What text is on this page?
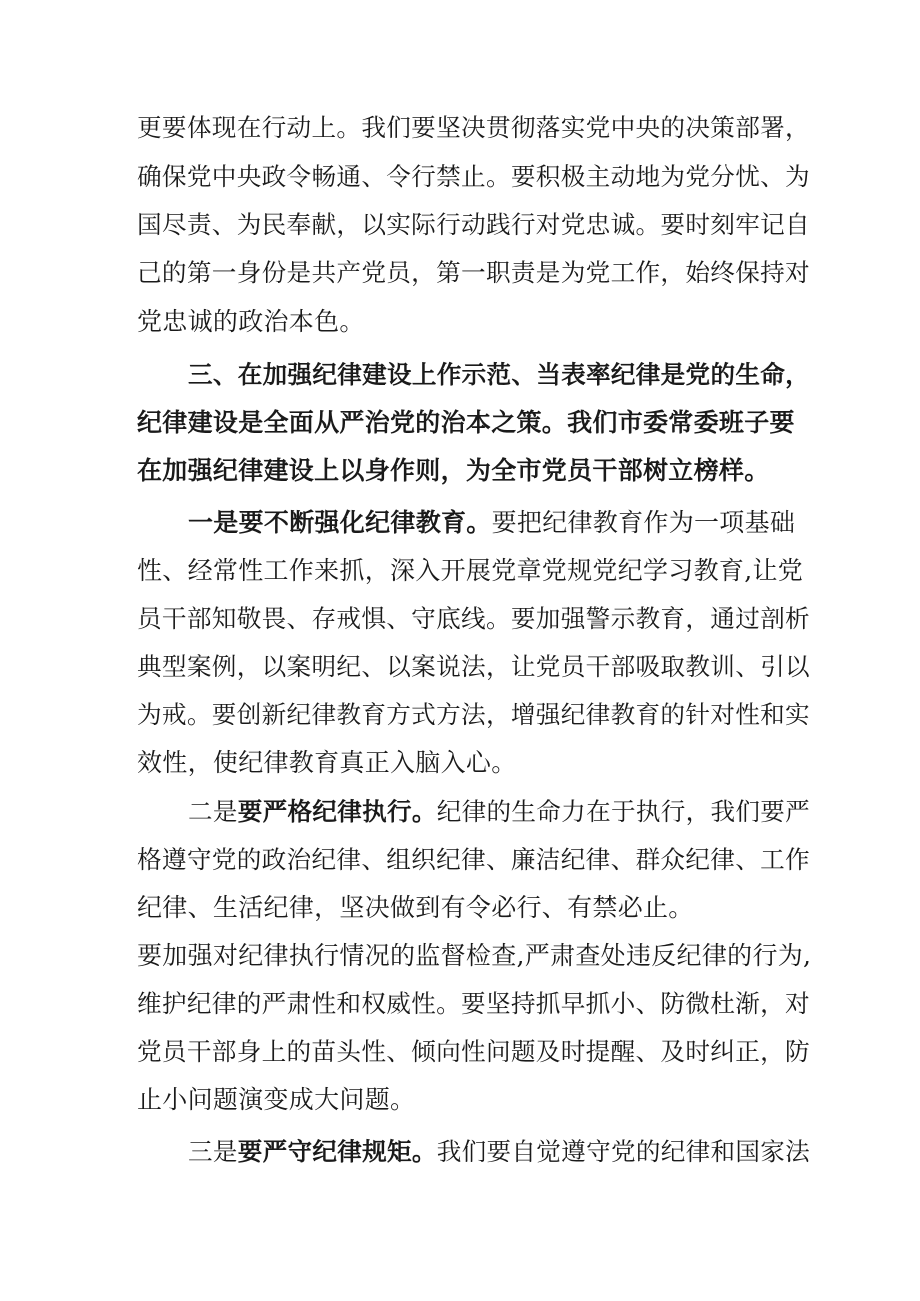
更要体现在行动上。我们要坚决贯彻落实党中央的决策部署，
确保党中央政令畅通、令行禁止。要积极主动地为党分忧、为
国尽责、为民奉献，以实际行动践行对党忠诚。要时刻牢记自
己的第一身份是共产党员，第一职责是为党工作，始终保持对
党忠诚的政治本色。
三、在加强纪律建设上作示范、当表率纪律是党的生命，
纪律建设是全面从严治党的治本之策。我们市委常委班子要
在加强纪律建设上以身作则，为全市党员干部树立榜样。
一是要不断强化纪律教育。要把纪律教育作为一项基础
性、经常性工作来抓，深入开展党章党规党纪学习教育,让党
员干部知敬畏、存戒惧、守底线。要加强警示教育，通过剖析
典型案例，以案明纪、以案说法，让党员干部吸取教训、引以
为戒。要创新纪律教育方式方法，增强纪律教育的针对性和实
效性，使纪律教育真正入脑入心。
二是要严格纪律执行。纪律的生命力在于执行，我们要严
格遵守党的政治纪律、组织纪律、廉洁纪律、群众纪律、工作
纪律、生活纪律，坚决做到有令必行、有禁必止。
要加强对纪律执行情况的监督检查,严肃查处违反纪律的行为,
维护纪律的严肃性和权威性。要坚持抓早抓小、防微杜渐，对
党员干部身上的苗头性、倾向性问题及时提醒、及时纠正，防
止小问题演变成大问题。
三是要严守纪律规矩。我们要自觉遵守党的纪律和国家法
